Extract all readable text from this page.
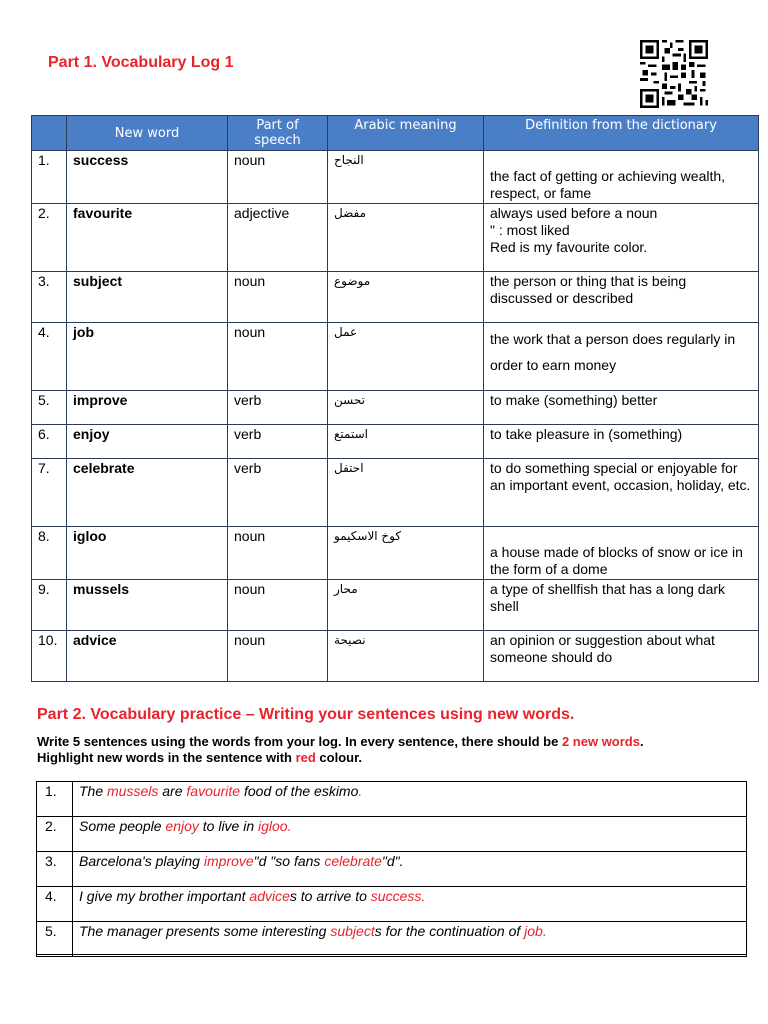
Part 1. Vocabulary Log 1
	New word	Part of speech	Arabic meaning	Definition from the dictionary
1.	success	noun	النجاح	the fact of getting or achieving wealth, respect, or fame
2.	favourite	adjective	مفضل	always used before a noun
" : most liked
Red is my favourite color.

3.	subject	noun	موضوع	the person or thing that is being discussed or described
4.	job	noun	عمل	the work that a person does regularly in order to earn money
5.	improve	verb	تحسن	to make (something) better
6.	enjoy	verb	استمتع	to take pleasure in (something)
7.	celebrate	verb	احتفل	to do something special or enjoyable for an important event, occasion, holiday, etc.
8.	igloo	noun	كوخ الاسكيمو	a house made of blocks of snow or ice in the form of a dome
9.	mussels	noun	محار	a type of shellfish that has a long dark shell
10.	advice	noun	نصيحة	an opinion or suggestion about what someone should do
Part 2. Vocabulary practice – Writing your sentences using new words.
Write 5 sentences using the words from your log. In every sentence, there should be 2 new words.
Highlight new words in the sentence with red colour.
1.	The mussels are favourite food of the eskimo.
2.	Some people enjoy to live in igloo.
3.	Barcelona's playing improve"d "so fans celebrate"d".
4.	I give my brother important advices to arrive to success.
5.	The manager presents some interesting subjects for the continuation of job.
